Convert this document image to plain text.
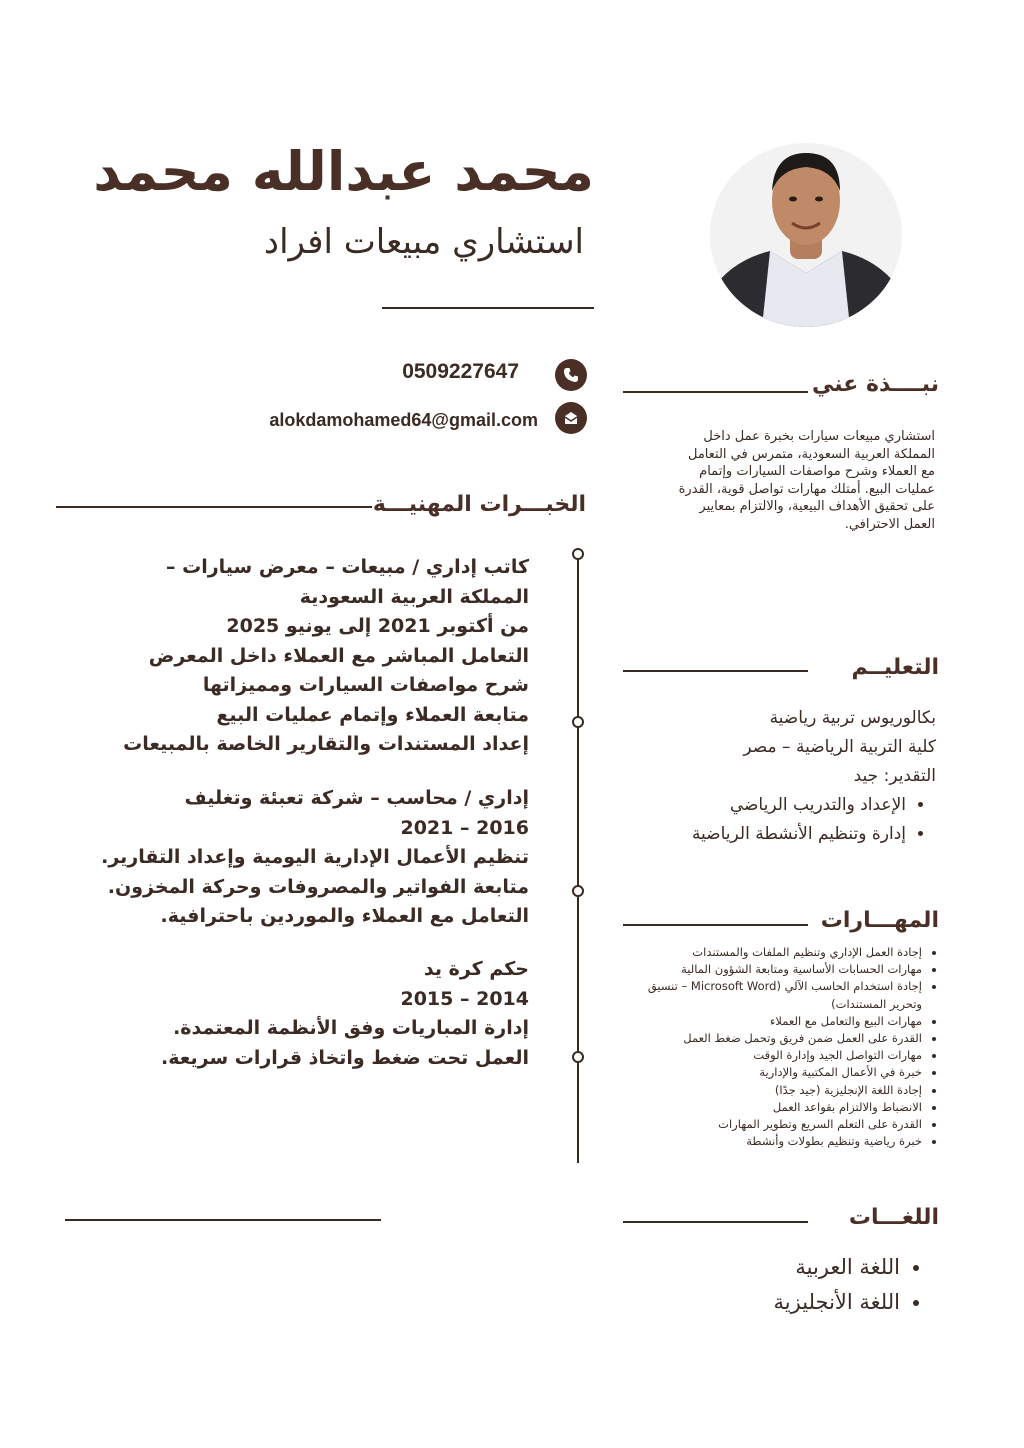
محمد عبدالله محمد
استشاري مبيعات افراد
0509227647
alokdamohamed64@gmail.com
نبــــذة عني
استشاري مبيعات سيارات بخبرة عمل داخل المملكة العربية السعودية، متمرس في التعامل مع العملاء وشرح مواصفات السيارات وإتمام عمليات البيع. أمتلك مهارات تواصل قوية، القدرة على تحقيق الأهداف البيعية، والالتزام بمعايير العمل الاحترافي.
الخبـــرات المهنيـــة
كاتب إداري / مبيعات – معرض سيارات –
المملكة العربية السعودية
من أكتوبر 2021 إلى يونيو 2025
التعامل المباشر مع العملاء داخل المعرض
شرح مواصفات السيارات ومميزاتها
متابعة العملاء وإتمام عمليات البيع
إعداد المستندات والتقارير الخاصة بالمبيعات
إداري / محاسب – شركة تعبئة وتغليف
2016 – 2021
تنظيم الأعمال الإدارية اليومية وإعداد التقارير.
متابعة الفواتير والمصروفات وحركة المخزون.
التعامل مع العملاء والموردين باحترافية.
حكم كرة يد
2014 – 2015
إدارة المباريات وفق الأنظمة المعتمدة.
العمل تحت ضغط واتخاذ قرارات سريعة.
التعليــم
بكالوريوس تربية رياضية
كلية التربية الرياضية – مصر
التقدير: جيد
• الإعداد والتدريب الرياضي
• إدارة وتنظيم الأنشطة الرياضية
المهـــارات
• إجادة العمل الإداري وتنظيم الملفات والمستندات
• مهارات الحسابات الأساسية ومتابعة الشؤون المالية
• إجادة استخدام الحاسب الآلي (Microsoft Word – تنسيق وتحرير المستندات)
• مهارات البيع والتعامل مع العملاء
• القدرة على العمل ضمن فريق وتحمل ضغط العمل
• مهارات التواصل الجيد وإدارة الوقت
• خبرة في الأعمال المكتبية والإدارية
• إجادة اللغة الإنجليزية (جيد جدًا)
• الانضباط والالتزام بقواعد العمل
• القدرة على التعلم السريع وتطوير المهارات
• خبرة رياضية وتنظيم بطولات وأنشطة
اللغـــات
• اللغة العربية
• اللغة الأنجليزية
